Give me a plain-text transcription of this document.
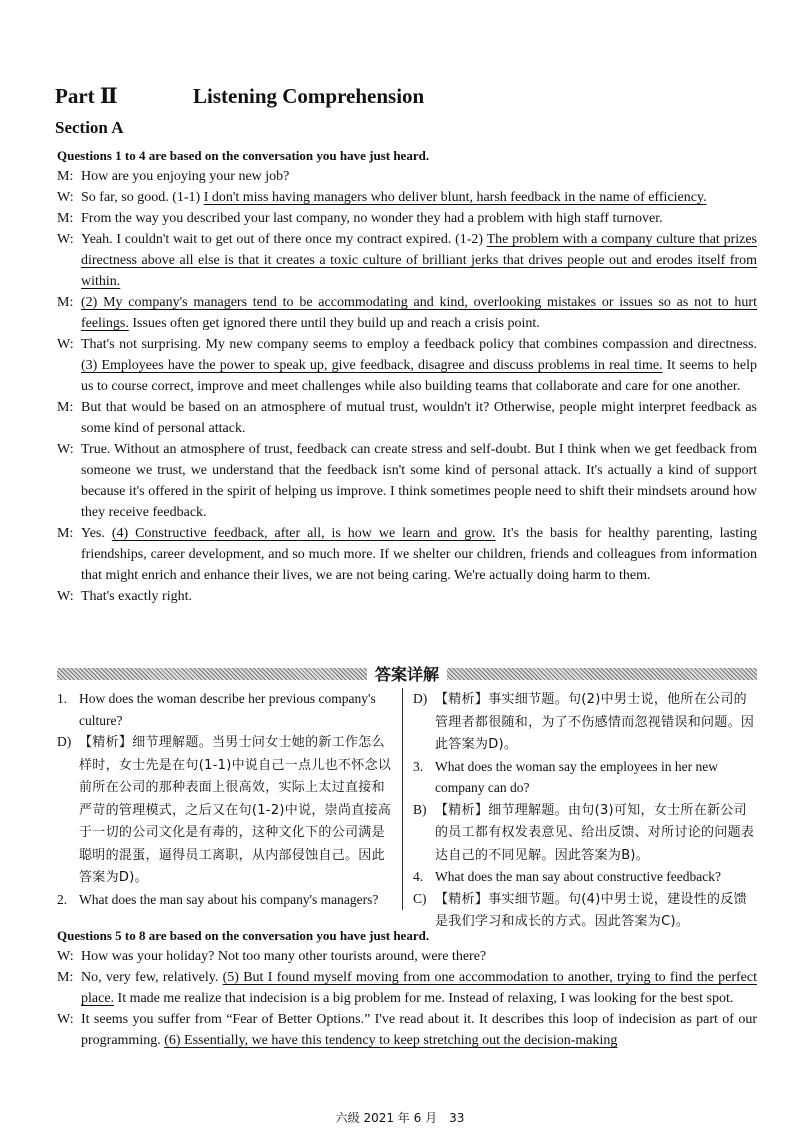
Part Ⅱ	Listening Comprehension
Section A

Questions 1 to 4 are based on the conversation you have just heard.

M: How are you enjoying your new job?

W: So far, so good. (1-1) I don't miss having managers who deliver blunt, harsh feedback in the name of efficiency.

M: From the way you described your last company, no wonder they had a problem with high staff turnover.

W: Yeah. I couldn't wait to get out of there once my contract expired. (1-2) The problem with a company culture that prizes directness above all else is that it creates a toxic culture of brilliant jerks that drives people out and erodes itself from within.

M: (2) My company's managers tend to be accommodating and kind, overlooking mistakes or issues so as not to hurt feelings. Issues often get ignored there until they build up and reach a crisis point.

W: That's not surprising. My new company seems to employ a feedback policy that combines compassion and directness. (3) Employees have the power to speak up, give feedback, disagree and discuss problems in real time. It seems to help us to course correct, improve and meet challenges while also building teams that collaborate and care for one another.

M: But that would be based on an atmosphere of mutual trust, wouldn't it? Otherwise, people might interpret feedback as some kind of personal attack.

W: True. Without an atmosphere of trust, feedback can create stress and self-doubt. But I think when we get feedback from someone we trust, we understand that the feedback isn't some kind of personal attack. It's actually a kind of support because it's offered in the spirit of helping us improve. I think sometimes people need to shift their mindsets around how they receive feedback.

M: Yes. (4) Constructive feedback, after all, is how we learn and grow. It's the basis for healthy parenting, lasting friendships, career development, and so much more. If we shelter our children, friends and colleagues from information that might enrich and enhance their lives, we are not being caring. We're actually doing harm to them.

W: That's exactly right.

答案详解

1. How does the woman describe her previous company's culture?

D) 【精析】细节理解题。当男士问女士她的新工作怎么样时，女士先是在句(1-1)中说自己一点儿也不怀念以前所在公司的那种表面上很高效，实际上太过直接和严苛的管理模式，之后又在句(1-2)中说，崇尚直接高于一切的公司文化是有毒的，这种文化下的公司满是聪明的混蛋，逼得员工离职，从内部侵蚀自己。因此答案为D)。

2. What does the man say about his company's managers?

D) 【精析】事实细节题。句(2)中男士说，他所在公司的管理者都很随和，为了不伤感情而忽视错误和问题。因此答案为D)。

3. What does the woman say the employees in her new company can do?

B) 【精析】细节理解题。由句(3)可知，女士所在新公司的员工都有权发表意见、给出反馈、对所讨论的问题表达自己的不同见解。因此答案为B)。

4. What does the man say about constructive feedback?

C) 【精析】事实细节题。句(4)中男士说，建设性的反馈是我们学习和成长的方式。因此答案为C)。

Questions 5 to 8 are based on the conversation you have just heard.

W: How was your holiday? Not too many other tourists around, were there?

M: No, very few, relatively. (5) But I found myself moving from one accommodation to another, trying to find the perfect place. It made me realize that indecision is a big problem for me. Instead of relaxing, I was looking for the best spot.

W: It seems you suffer from “Fear of Better Options.” I've read about it. It describes this loop of indecision as part of our programming. (6) Essentially, we have this tendency to keep stretching out the decision-making

六级 2021 年 6 月　33
